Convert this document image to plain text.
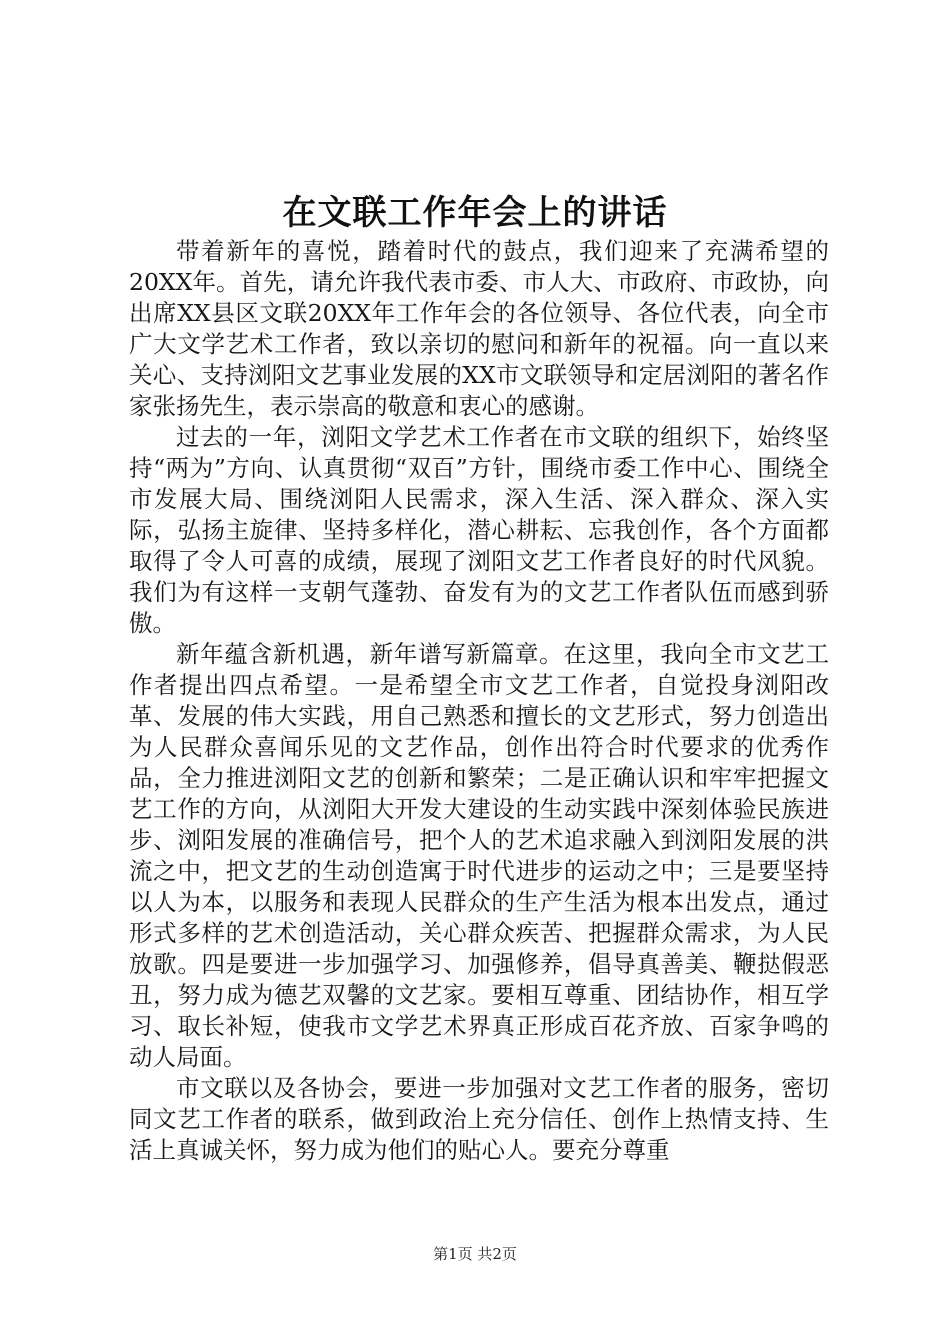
在文联工作年会上的讲话

带着新年的喜悦，踏着时代的鼓点，我们迎来了充满希望的20XX年。首先，请允许我代表市委、市人大、市政府、市政协，向出席XX县区文联20XX年工作年会的各位领导、各位代表，向全市广大文学艺术工作者，致以亲切的慰问和新年的祝福。向一直以来关心、支持浏阳文艺事业发展的XX市文联领导和定居浏阳的著名作家张扬先生，表示崇高的敬意和衷心的感谢。

过去的一年，浏阳文学艺术工作者在市文联的组织下，始终坚持“两为”方向、认真贯彻“双百”方针，围绕市委工作中心、围绕全市发展大局、围绕浏阳人民需求，深入生活、深入群众、深入实际，弘扬主旋律、坚持多样化，潜心耕耘、忘我创作，各个方面都取得了令人可喜的成绩，展现了浏阳文艺工作者良好的时代风貌。我们为有这样一支朝气蓬勃、奋发有为的文艺工作者队伍而感到骄傲。

新年蕴含新机遇，新年谱写新篇章。在这里，我向全市文艺工作者提出四点希望。一是希望全市文艺工作者，自觉投身浏阳改革、发展的伟大实践，用自己熟悉和擅长的文艺形式，努力创造出为人民群众喜闻乐见的文艺作品，创作出符合时代要求的优秀作品，全力推进浏阳文艺的创新和繁荣；二是正确认识和牢牢把握文艺工作的方向，从浏阳大开发大建设的生动实践中深刻体验民族进步、浏阳发展的准确信号，把个人的艺术追求融入到浏阳发展的洪流之中，把文艺的生动创造寓于时代进步的运动之中；三是要坚持以人为本，以服务和表现人民群众的生产生活为根本出发点，通过形式多样的艺术创造活动，关心群众疾苦、把握群众需求，为人民放歌。四是要进一步加强学习、加强修养，倡导真善美、鞭挞假恶丑，努力成为德艺双馨的文艺家。要相互尊重、团结协作，相互学习、取长补短，使我市文学艺术界真正形成百花齐放、百家争鸣的动人局面。

市文联以及各协会，要进一步加强对文艺工作者的服务，密切同文艺工作者的联系，做到政治上充分信任、创作上热情支持、生活上真诚关怀，努力成为他们的贴心人。要充分尊重

第1页 共2页
